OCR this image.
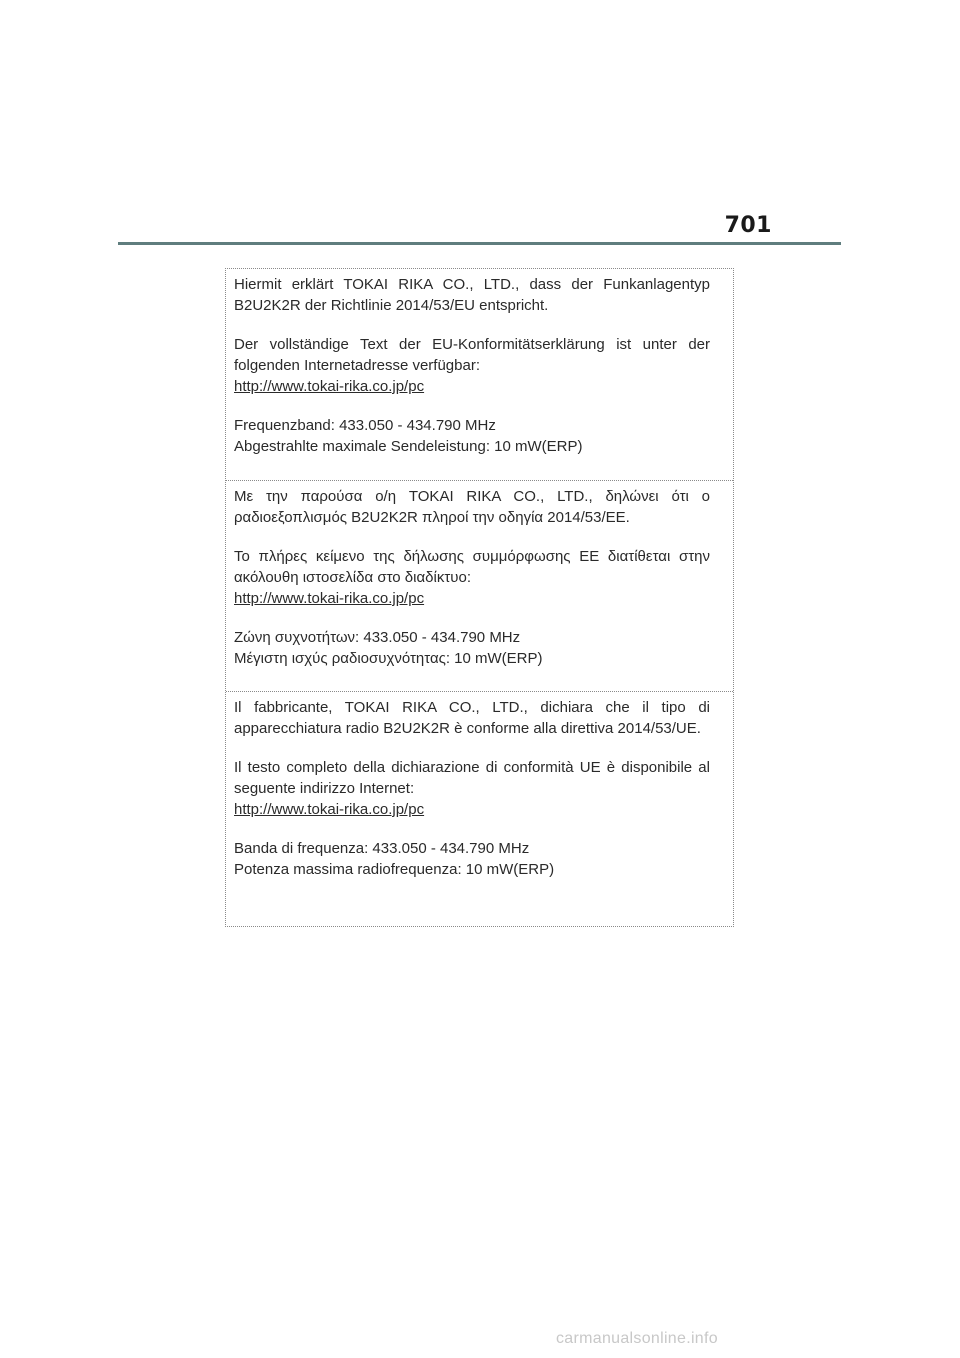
701

Hiermit erklärt TOKAI RIKA CO., LTD., dass der Funkanlagentyp B2U2K2R der Richtlinie 2014/53/EU entspricht.

Der vollständige Text der EU-Konformitätserklärung ist unter der folgenden Internetadresse verfügbar:

http://www.tokai-rika.co.jp/pc

Frequenzband: 433.050 - 434.790 MHz

Abgestrahlte maximale Sendeleistung: 10 mW(ERP)

Με την παρούσα ο/η TOKAI RIKA CO., LTD., δηλώνει ότι ο ραδιοεξοπλισμός B2U2K2R πληροί την οδηγία 2014/53/ΕΕ.

Το πλήρες κείμενο της δήλωσης συμμόρφωσης ΕΕ διατίθεται στην ακόλουθη ιστοσελίδα στο διαδίκτυο:

http://www.tokai-rika.co.jp/pc

Ζώνη συχνοτήτων: 433.050 - 434.790 MHz

Μέγιστη ισχύς ραδιοσυχνότητας: 10 mW(ERP)

Il fabbricante, TOKAI RIKA CO., LTD., dichiara che il tipo di apparecchiatura radio B2U2K2R è conforme alla direttiva 2014/53/UE.

Il testo completo della dichiarazione di conformità UE è disponibile al seguente indirizzo Internet:

http://www.tokai-rika.co.jp/pc

Banda di frequenza: 433.050 - 434.790 MHz

Potenza massima radiofrequenza: 10 mW(ERP)

carmanualsonline.info
